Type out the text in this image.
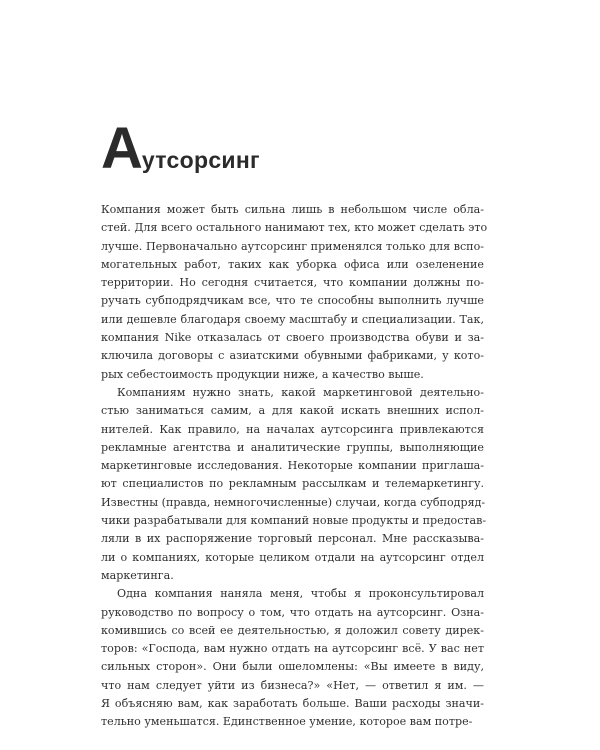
Аутсорсинг
Компания может быть сильна лишь в небольшом числе обла-
стей. Для всего остального нанимают тех, кто может сделать это
лучше. Первоначально аутсорсинг применялся только для вспо-
могательных работ, таких как уборка офиса или озеленение
территории. Но сегодня считается, что компании должны по-
ручать субподрядчикам все, что те способны выполнить лучше
или дешевле благодаря своему масштабу и специализации. Так,
компания Nike отказалась от своего производства обуви и за-
ключила договоры с азиатскими обувными фабриками, у кото-
рых себестоимость продукции ниже, а качество выше.
Компаниям нужно знать, какой маркетинговой деятельно-
стью заниматься самим, а для какой искать внешних испол-
нителей. Как правило, на началах аутсорсинга привлекаются
рекламные агентства и аналитические группы, выполняющие
маркетинговые исследования. Некоторые компании приглаша-
ют специалистов по рекламным рассылкам и телемаркетингу.
Известны (правда, немногочисленные) случаи, когда субподряд-
чики разрабатывали для компаний новые продукты и предостав-
ляли в их распоряжение торговый персонал. Мне рассказыва-
ли о компаниях, которые целиком отдали на аутсорсинг отдел
маркетинга.
Одна компания наняла меня, чтобы я проконсультировал
руководство по вопросу о том, что отдать на аутсорсинг. Озна-
комившись со всей ее деятельностью, я доложил совету дирек-
торов: «Господа, вам нужно отдать на аутсорсинг всё. У вас нет
сильных сторон». Они были ошеломлены: «Вы имеете в виду,
что нам следует уйти из бизнеса?» «Нет, — ответил я им. —
Я объясняю вам, как заработать больше. Ваши расходы значи-
тельно уменьшатся. Единственное умение, которое вам потре-
